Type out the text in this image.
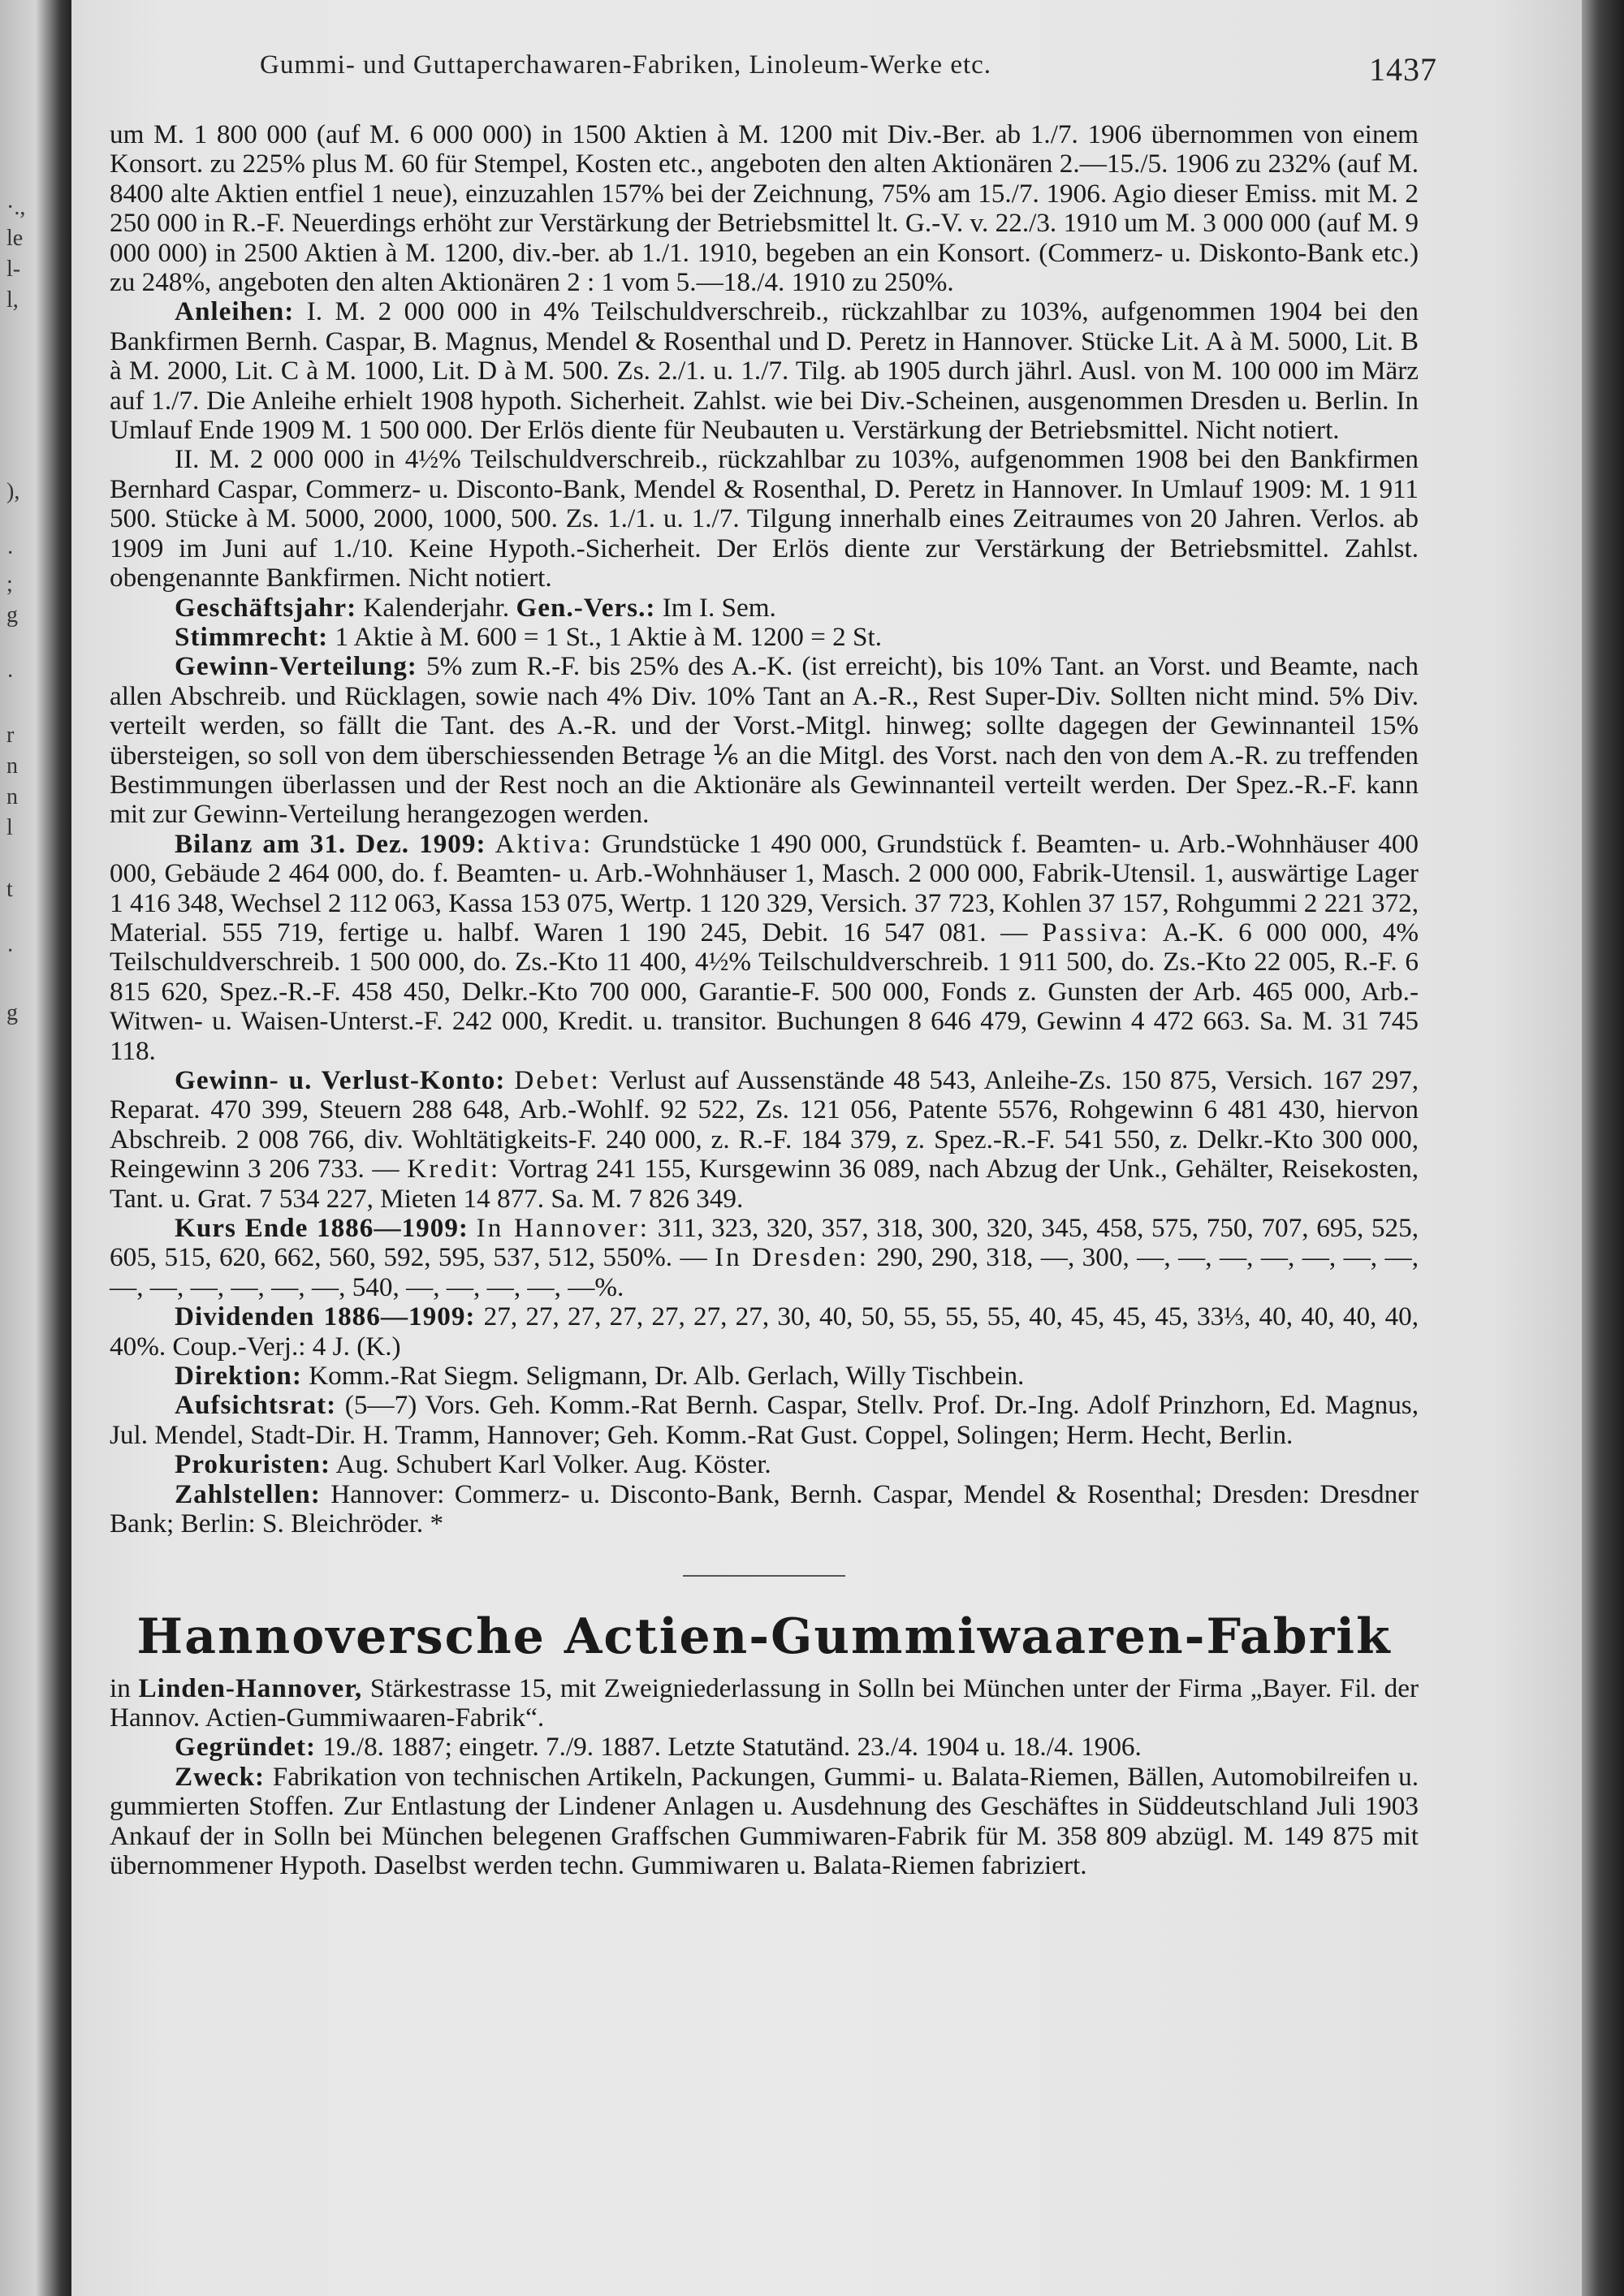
·.,
le
l-
l,
),
·
;
g
·
r
n
n
l
t
·
g
Gummi- und Guttaperchawaren-Fabriken, Linoleum-Werke etc.	1437

um M. 1 800 000 (auf M. 6 000 000) in 1500 Aktien à M. 1200 mit Div.-Ber. ab 1./7. 1906 übernommen von einem Konsort. zu 225% plus M. 60 für Stempel, Kosten etc., angeboten den alten Aktionären 2.—15./5. 1906 zu 232% (auf M. 8400 alte Aktien entfiel 1 neue), einzuzahlen 157% bei der Zeichnung, 75% am 15./7. 1906. Agio dieser Emiss. mit M. 2 250 000 in R.-F. Neuerdings erhöht zur Verstärkung der Betriebsmittel lt. G.-V. v. 22./3. 1910 um M. 3 000 000 (auf M. 9 000 000) in 2500 Aktien à M. 1200, div.-ber. ab 1./1. 1910, begeben an ein Konsort. (Commerz- u. Diskonto-Bank etc.) zu 248%, angeboten den alten Aktionären 2 : 1 vom 5.—18./4. 1910 zu 250%.

Anleihen: I. M. 2 000 000 in 4% Teilschuldverschreib., rückzahlbar zu 103%, aufgenommen 1904 bei den Bankfirmen Bernh. Caspar, B. Magnus, Mendel & Rosenthal und D. Peretz in Hannover. Stücke Lit. A à M. 5000, Lit. B à M. 2000, Lit. C à M. 1000, Lit. D à M. 500. Zs. 2./1. u. 1./7. Tilg. ab 1905 durch jährl. Ausl. von M. 100 000 im März auf 1./7. Die Anleihe erhielt 1908 hypoth. Sicherheit. Zahlst. wie bei Div.-Scheinen, ausgenommen Dresden u. Berlin. In Umlauf Ende 1909 M. 1 500 000. Der Erlös diente für Neubauten u. Verstärkung der Betriebsmittel. Nicht notiert.

II. M. 2 000 000 in 4½% Teilschuldverschreib., rückzahlbar zu 103%, aufgenommen 1908 bei den Bankfirmen Bernhard Caspar, Commerz- u. Disconto-Bank, Mendel & Rosenthal, D. Peretz in Hannover. In Umlauf 1909: M. 1 911 500. Stücke à M. 5000, 2000, 1000, 500. Zs. 1./1. u. 1./7. Tilgung innerhalb eines Zeitraumes von 20 Jahren. Verlos. ab 1909 im Juni auf 1./10. Keine Hypoth.-Sicherheit. Der Erlös diente zur Verstärkung der Betriebsmittel. Zahlst. obengenannte Bankfirmen. Nicht notiert.

Geschäftsjahr: Kalenderjahr. Gen.-Vers.: Im I. Sem.

Stimmrecht: 1 Aktie à M. 600 = 1 St., 1 Aktie à M. 1200 = 2 St.

Gewinn-Verteilung: 5% zum R.-F. bis 25% des A.-K. (ist erreicht), bis 10% Tant. an Vorst. und Beamte, nach allen Abschreib. und Rücklagen, sowie nach 4% Div. 10% Tant an A.-R., Rest Super-Div. Sollten nicht mind. 5% Div. verteilt werden, so fällt die Tant. des A.-R. und der Vorst.-Mitgl. hinweg; sollte dagegen der Gewinnanteil 15% übersteigen, so soll von dem überschiessenden Betrage ⅙ an die Mitgl. des Vorst. nach den von dem A.-R. zu treffenden Bestimmungen überlassen und der Rest noch an die Aktionäre als Gewinnanteil verteilt werden. Der Spez.-R.-F. kann mit zur Gewinn-Verteilung herangezogen werden.

Bilanz am 31. Dez. 1909: Aktiva: Grundstücke 1 490 000, Grundstück f. Beamten- u. Arb.-Wohnhäuser 400 000, Gebäude 2 464 000, do. f. Beamten- u. Arb.-Wohnhäuser 1, Masch. 2 000 000, Fabrik-Utensil. 1, auswärtige Lager 1 416 348, Wechsel 2 112 063, Kassa 153 075, Wertp. 1 120 329, Versich. 37 723, Kohlen 37 157, Rohgummi 2 221 372, Material. 555 719, fertige u. halbf. Waren 1 190 245, Debit. 16 547 081. — Passiva: A.-K. 6 000 000, 4% Teilschuldverschreib. 1 500 000, do. Zs.-Kto 11 400, 4½% Teilschuldverschreib. 1 911 500, do. Zs.-Kto 22 005, R.-F. 6 815 620, Spez.-R.-F. 458 450, Delkr.-Kto 700 000, Garantie-F. 500 000, Fonds z. Gunsten der Arb. 465 000, Arb.-Witwen- u. Waisen-Unterst.-F. 242 000, Kredit. u. transitor. Buchungen 8 646 479, Gewinn 4 472 663. Sa. M. 31 745 118.

Gewinn- u. Verlust-Konto: Debet: Verlust auf Aussenstände 48 543, Anleihe-Zs. 150 875, Versich. 167 297, Reparat. 470 399, Steuern 288 648, Arb.-Wohlf. 92 522, Zs. 121 056, Patente 5576, Rohgewinn 6 481 430, hiervon Abschreib. 2 008 766, div. Wohltätigkeits-F. 240 000, z. R.-F. 184 379, z. Spez.-R.-F. 541 550, z. Delkr.-Kto 300 000, Reingewinn 3 206 733. — Kredit: Vortrag 241 155, Kursgewinn 36 089, nach Abzug der Unk., Gehälter, Reisekosten, Tant. u. Grat. 7 534 227, Mieten 14 877. Sa. M. 7 826 349.

Kurs Ende 1886—1909: In Hannover: 311, 323, 320, 357, 318, 300, 320, 345, 458, 575, 750, 707, 695, 525, 605, 515, 620, 662, 560, 592, 595, 537, 512, 550%. — In Dresden: 290, 290, 318, —, 300, —, —, —, —, —, —, —, —, —, —, —, —, —, 540, —, —, —, —, —%.

Dividenden 1886—1909: 27, 27, 27, 27, 27, 27, 27, 30, 40, 50, 55, 55, 55, 40, 45, 45, 45, 33⅓, 40, 40, 40, 40, 40%. Coup.-Verj.: 4 J. (K.)

Direktion: Komm.-Rat Siegm. Seligmann, Dr. Alb. Gerlach, Willy Tischbein.

Aufsichtsrat: (5—7) Vors. Geh. Komm.-Rat Bernh. Caspar, Stellv. Prof. Dr.-Ing. Adolf Prinzhorn, Ed. Magnus, Jul. Mendel, Stadt-Dir. H. Tramm, Hannover; Geh. Komm.-Rat Gust. Coppel, Solingen; Herm. Hecht, Berlin.

Prokuristen: Aug. Schubert Karl Volker. Aug. Köster.

Zahlstellen: Hannover: Commerz- u. Disconto-Bank, Bernh. Caspar, Mendel & Rosenthal; Dresden: Dresdner Bank; Berlin: S. Bleichröder. *

Hannoversche Actien-Gummiwaaren-Fabrik

in Linden-Hannover, Stärkestrasse 15, mit Zweigniederlassung in Solln bei München unter der Firma „Bayer. Fil. der Hannov. Actien-Gummiwaaren-Fabrik“.

Gegründet: 19./8. 1887; eingetr. 7./9. 1887. Letzte Statutänd. 23./4. 1904 u. 18./4. 1906.

Zweck: Fabrikation von technischen Artikeln, Packungen, Gummi- u. Balata-Riemen, Bällen, Automobilreifen u. gummierten Stoffen. Zur Entlastung der Lindener Anlagen u. Ausdehnung des Geschäftes in Süddeutschland Juli 1903 Ankauf der in Solln bei München belegenen Graffschen Gummiwaren-Fabrik für M. 358 809 abzügl. M. 149 875 mit übernommener Hypoth. Daselbst werden techn. Gummiwaren u. Balata-Riemen fabriziert.
